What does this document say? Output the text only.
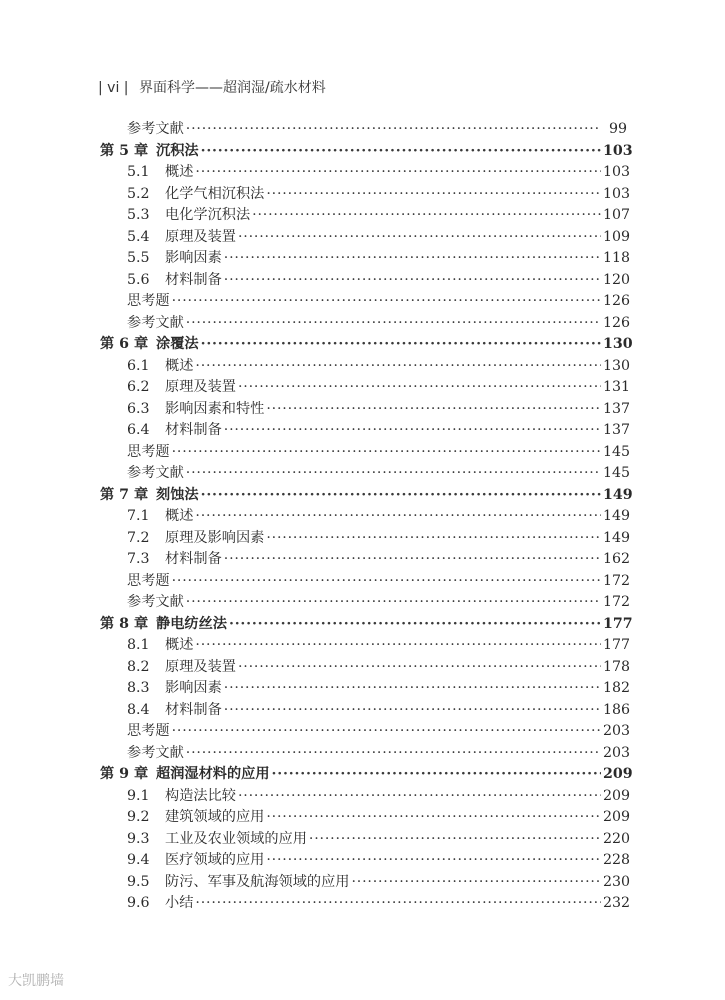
| vi | 界面科学——超润湿/疏水材料
参考文献 ·····	99
第 5 章 沉积法 ·····	103
5.1	概述 ·····	103
5.2	化学气相沉积法 ·····	103
5.3	电化学沉积法 ·····	107
5.4	原理及装置 ·····	109
5.5	影响因素 ·····	118
5.6	材料制备 ·····	120
思考题 ·····	126
参考文献 ·····	126
第 6 章 涂覆法 ·····	130
6.1	概述 ·····	130
6.2	原理及装置 ·····	131
6.3	影响因素和特性 ·····	137
6.4	材料制备 ·····	137
思考题 ·····	145
参考文献 ·····	145
第 7 章 刻蚀法 ·····	149
7.1	概述 ·····	149
7.2	原理及影响因素 ·····	149
7.3	材料制备 ·····	162
思考题 ·····	172
参考文献 ·····	172
第 8 章 静电纺丝法 ·····	177
8.1	概述 ·····	177
8.2	原理及装置 ·····	178
8.3	影响因素 ·····	182
8.4	材料制备 ·····	186
思考题 ·····	203
参考文献 ·····	203
第 9 章 超润湿材料的应用 ·····	209
9.1	构造法比较 ·····	209
9.2	建筑领域的应用 ·····	209
9.3	工业及农业领域的应用 ·····	220
9.4	医疗领域的应用 ·····	228
9.5	防污、军事及航海领域的应用 ·····	230
9.6	小结 ·····	232
大凯鹏墙
